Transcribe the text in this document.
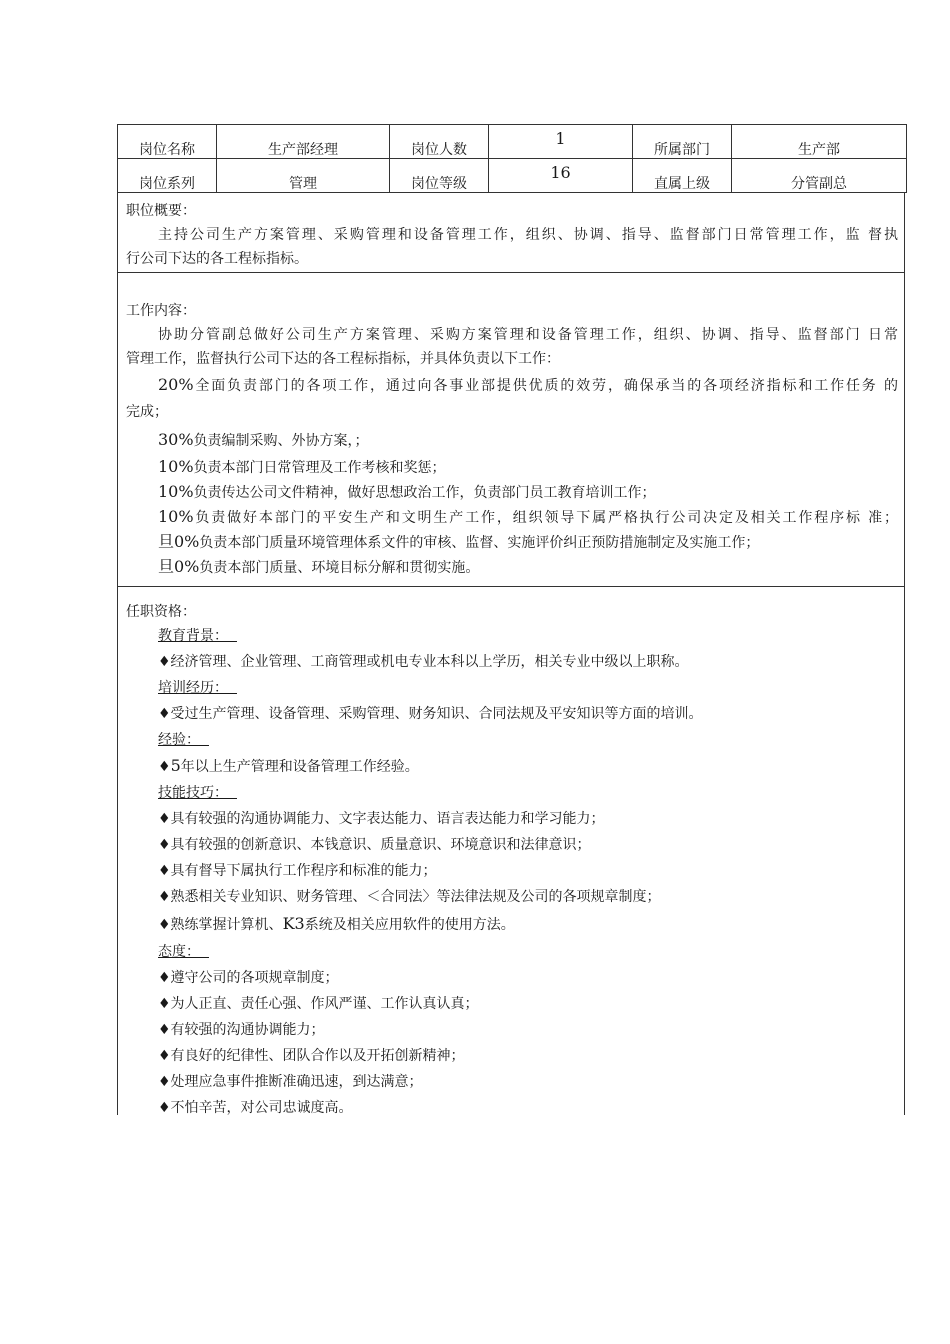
岗位名称	生产部经理	岗位人数	1	所属部门	生产部
岗位系列	管理	岗位等级	16	直属上级	分管副总
职位概要：
主持公司生产方案管理、采购管理和设备管理工作，组织、协调、指导、监督部门日常管理工作，监 督执
行公司下达的各工程标指标。
工作内容：
协助分管副总做好公司生产方案管理、采购方案管理和设备管理工作，组织、协调、指导、监督部门 日常
管理工作，监督执行公司下达的各工程标指标，并具体负责以下工作：
20%全面负责部门的各项工作，通过向各事业部提供优质的效劳，确保承当的各项经济指标和工作任务 的
完成；
30%负责编制采购、外协方案，；
10%负责本部门日常管理及工作考核和奖惩；
10%负责传达公司文件精神，做好思想政治工作，负责部门员工教育培训工作；
10%负责做好本部门的平安生产和文明生产工作，组织领导下属严格执行公司决定及相关工作程序标 准；
旦0%负责本部门质量环境管理体系文件的审核、监督、实施评价纠正预防措施制定及实施工作；
旦0%负责本部门质量、环境目标分解和贯彻实施。
任职资格：
教育背景：
♦经济管理、企业管理、工商管理或机电专业本科以上学历，相关专业中级以上职称。
培训经历：
♦受过生产管理、设备管理、采购管理、财务知识、合同法规及平安知识等方面的培训。
经验：
♦5年以上生产管理和设备管理工作经验。
技能技巧：
♦具有较强的沟通协调能力、文字表达能力、语言表达能力和学习能力；
♦具有较强的创新意识、本钱意识、质量意识、环境意识和法律意识；
♦具有督导下属执行工作程序和标准的能力；
♦熟悉相关专业知识、财务管理、＜合同法〉等法律法规及公司的各项规章制度；
♦熟练掌握计算机、K3系统及相关应用软件的使用方法。
态度：
♦遵守公司的各项规章制度；
♦为人正直、责任心强、作风严谨、工作认真认真；
♦有较强的沟通协调能力；
♦有良好的纪律性、团队合作以及开拓创新精神；
♦处理应急事件推断准确迅速，到达满意；
♦不怕辛苦，对公司忠诚度高。
